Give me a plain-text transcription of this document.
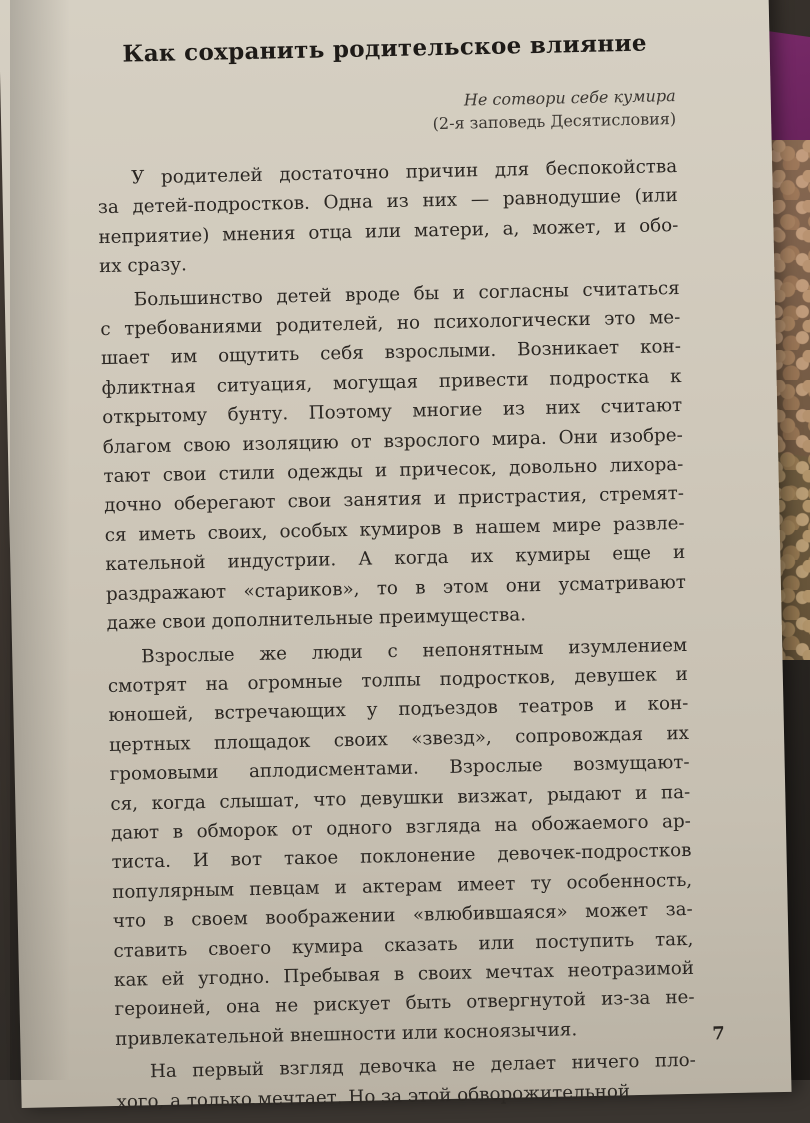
Как сохранить родительское влияние
Не сотвори себе кумира
(2-я заповедь Десятисловия)
У родителей достаточно причин для беспокойства
за детей-подростков. Одна из них — равнодушие (или
неприятие) мнения отца или матери, а, может, и обо-
их сразу.
Большинство детей вроде бы и согласны считаться
с требованиями родителей, но психологически это ме-
шает им ощутить себя взрослыми. Возникает кон-
фликтная ситуация, могущая привести подростка к
открытому бунту. Поэтому многие из них считают
благом свою изоляцию от взрослого мира. Они изобре-
тают свои стили одежды и причесок, довольно лихора-
дочно оберегают свои занятия и пристрастия, стремят-
ся иметь своих, особых кумиров в нашем мире развле-
кательной индустрии. А когда их кумиры еще и
раздражают «стариков», то в этом они усматривают
даже свои дополнительные преимущества.
Взрослые же люди с непонятным изумлением
смотрят на огромные толпы подростков, девушек и
юношей, встречающих у подъездов театров и кон-
цертных площадок своих «звезд», сопровождая их
громовыми аплодисментами. Взрослые возмущают-
ся, когда слышат, что девушки визжат, рыдают и па-
дают в обморок от одного взгляда на обожаемого ар-
тиста. И вот такое поклонение девочек-подростков
популярным певцам и актерам имеет ту особенность,
что в своем воображении «влюбившаяся» может за-
ставить своего кумира сказать или поступить так,
как ей угодно. Пребывая в своих мечтах неотразимой
героиней, она не рискует быть отвергнутой из-за не-
привлекательной внешности или косноязычия.
На первый взгляд девочка не делает ничего пло-
хого, а только мечтает. Но за этой обворожительной
7
